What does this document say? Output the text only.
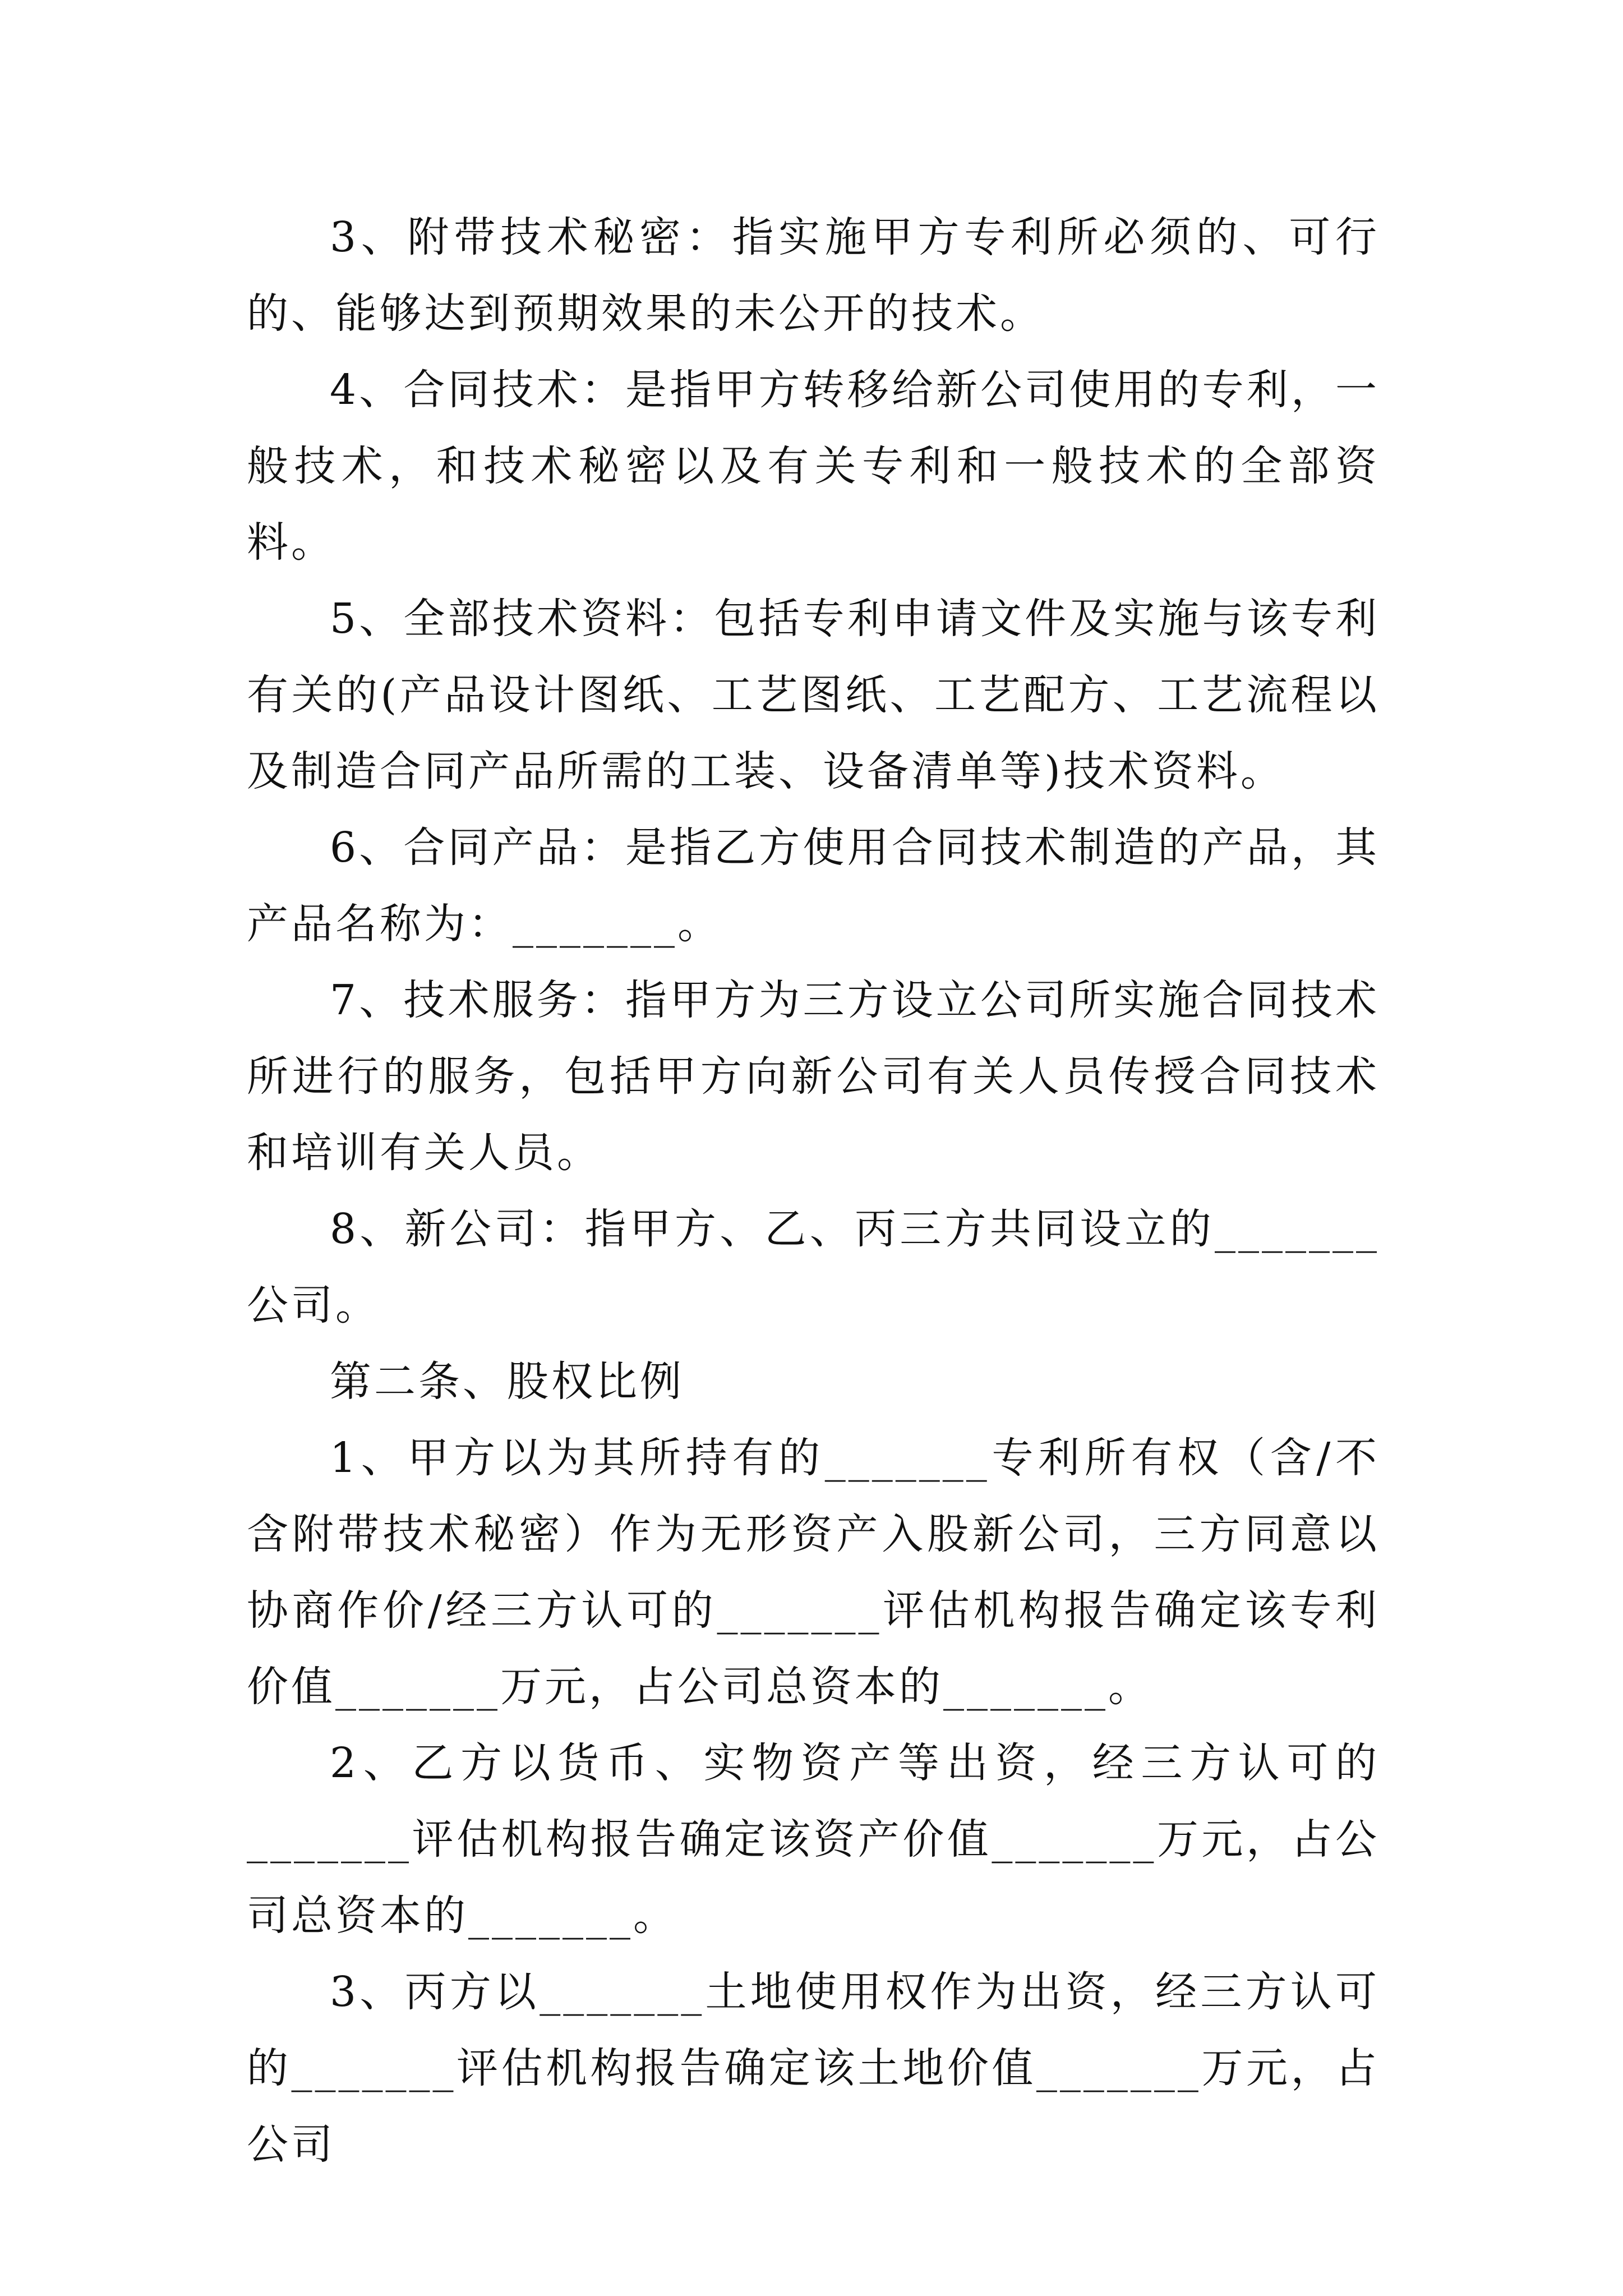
3、附带技术秘密：指实施甲方专利所必须的、可行的、能够达到预期效果的未公开的技术。

4、合同技术：是指甲方转移给新公司使用的专利，一般技术，和技术秘密以及有关专利和一般技术的全部资料。

5、全部技术资料：包括专利申请文件及实施与该专利有关的(产品设计图纸、工艺图纸、工艺配方、工艺流程以及制造合同产品所需的工装、设备清单等)技术资料。

6、合同产品：是指乙方使用合同技术制造的产品，其产品名称为：_______。

7、技术服务：指甲方为三方设立公司所实施合同技术所进行的服务，包括甲方向新公司有关人员传授合同技术和培训有关人员。

8、新公司：指甲方、乙、丙三方共同设立的_______公司。

第二条、股权比例

1、甲方以为其所持有的_______专利所有权（含/不含附带技术秘密）作为无形资产入股新公司，三方同意以协商作价/经三方认可的_______评估机构报告确定该专利价值_______万元，占公司总资本的_______。

2、乙方以货币、实物资产等出资，经三方认可的_______评估机构报告确定该资产价值_______万元，占公司总资本的_______。

3、丙方以_______土地使用权作为出资，经三方认可的_______评估机构报告确定该土地价值_______万元，占公司
